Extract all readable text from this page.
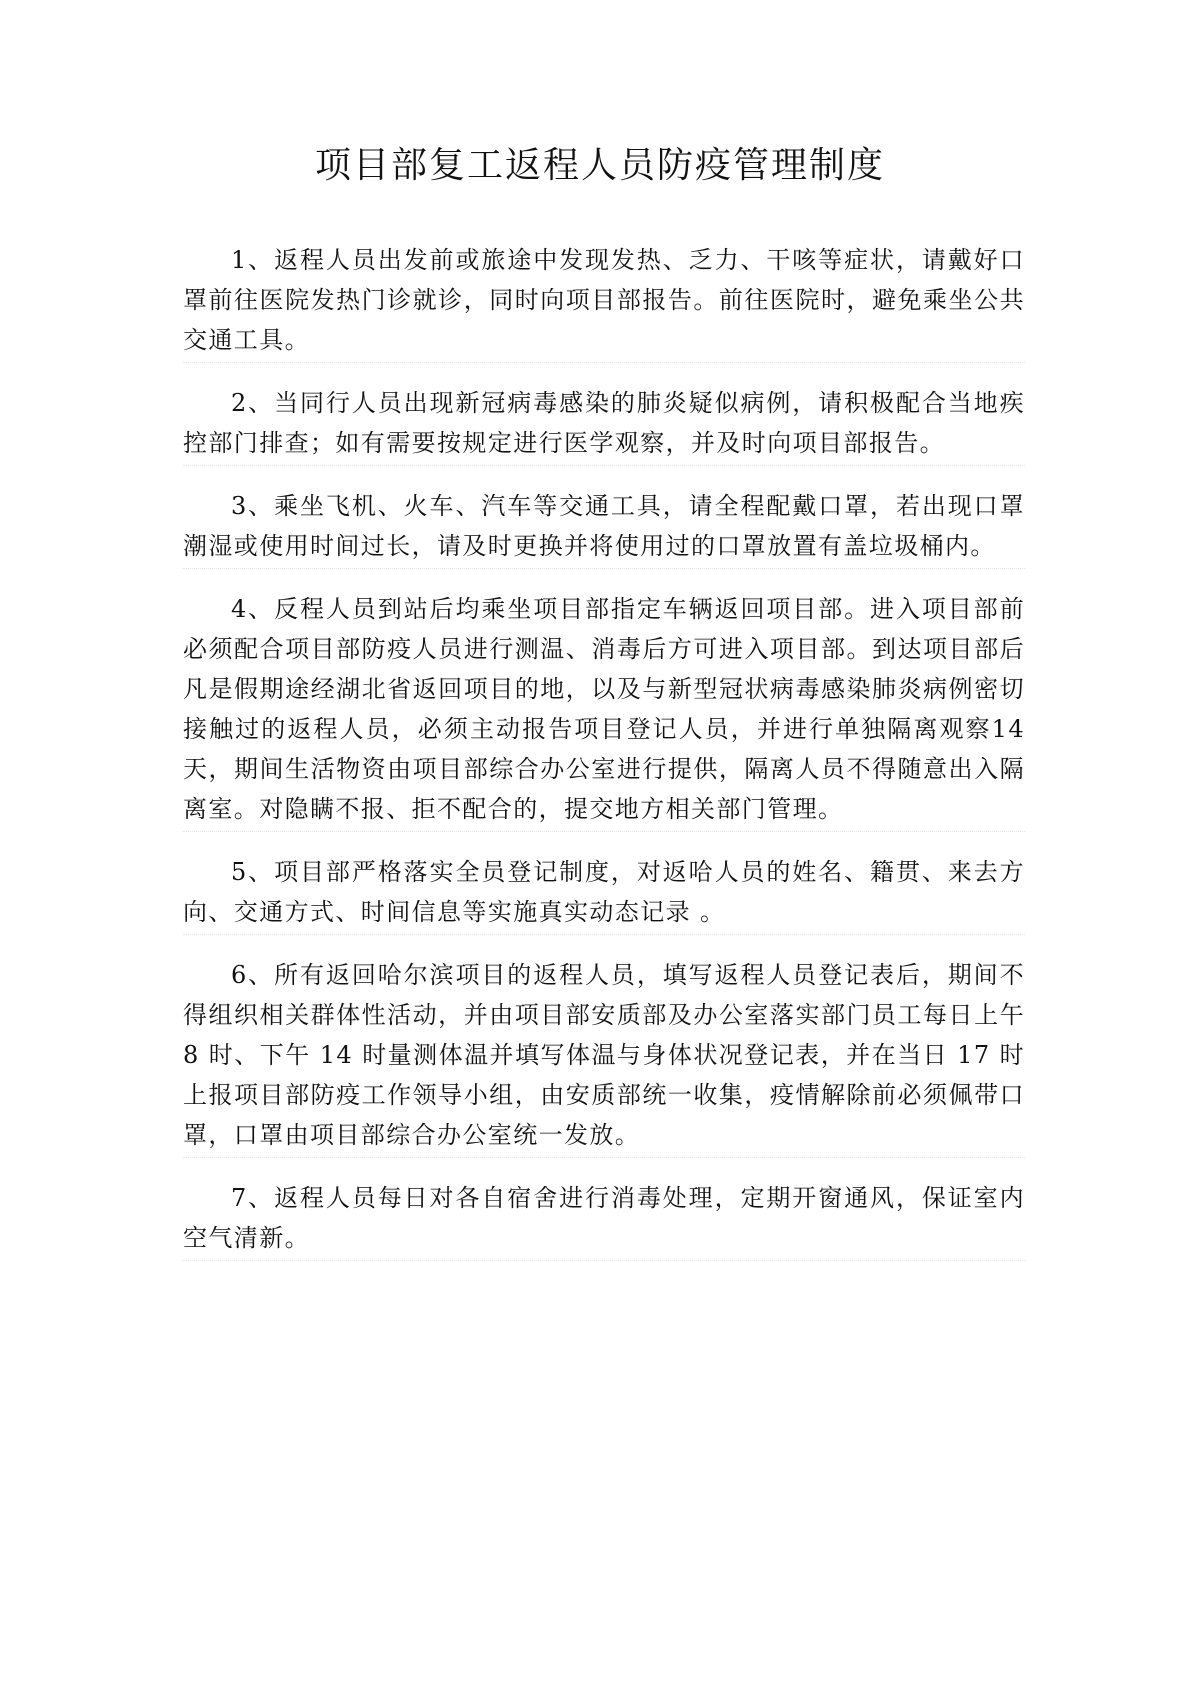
项目部复工返程人员防疫管理制度

1、返程人员出发前或旅途中发现发热、乏力、干咳等症状，请戴好口罩前往医院发热门诊就诊，同时向项目部报告。前往医院时，避免乘坐公共交通工具。

2、当同行人员出现新冠病毒感染的肺炎疑似病例，请积极配合当地疾控部门排查；如有需要按规定进行医学观察，并及时向项目部报告。

3、乘坐飞机、火车、汽车等交通工具，请全程配戴口罩，若出现口罩潮湿或使用时间过长，请及时更换并将使用过的口罩放置有盖垃圾桶内。

4、反程人员到站后均乘坐项目部指定车辆返回项目部。进入项目部前必须配合项目部防疫人员进行测温、消毒后方可进入项目部。到达项目部后凡是假期途经湖北省返回项目的地，以及与新型冠状病毒感染肺炎病例密切接触过的返程人员，必须主动报告项目登记人员，并进行单独隔离观察14天，期间生活物资由项目部综合办公室进行提供，隔离人员不得随意出入隔离室。对隐瞒不报、拒不配合的，提交地方相关部门管理。

5、项目部严格落实全员登记制度，对返哈人员的姓名、籍贯、来去方向、交通方式、时间信息等实施真实动态记录 。

6、所有返回哈尔滨项目的返程人员，填写返程人员登记表后，期间不得组织相关群体性活动，并由项目部安质部及办公室落实部门员工每日上午 8 时、下午 14 时量测体温并填写体温与身体状况登记表，并在当日 17 时上报项目部防疫工作领导小组，由安质部统一收集，疫情解除前必须佩带口罩，口罩由项目部综合办公室统一发放。

7、返程人员每日对各自宿舍进行消毒处理，定期开窗通风，保证室内空气清新。
